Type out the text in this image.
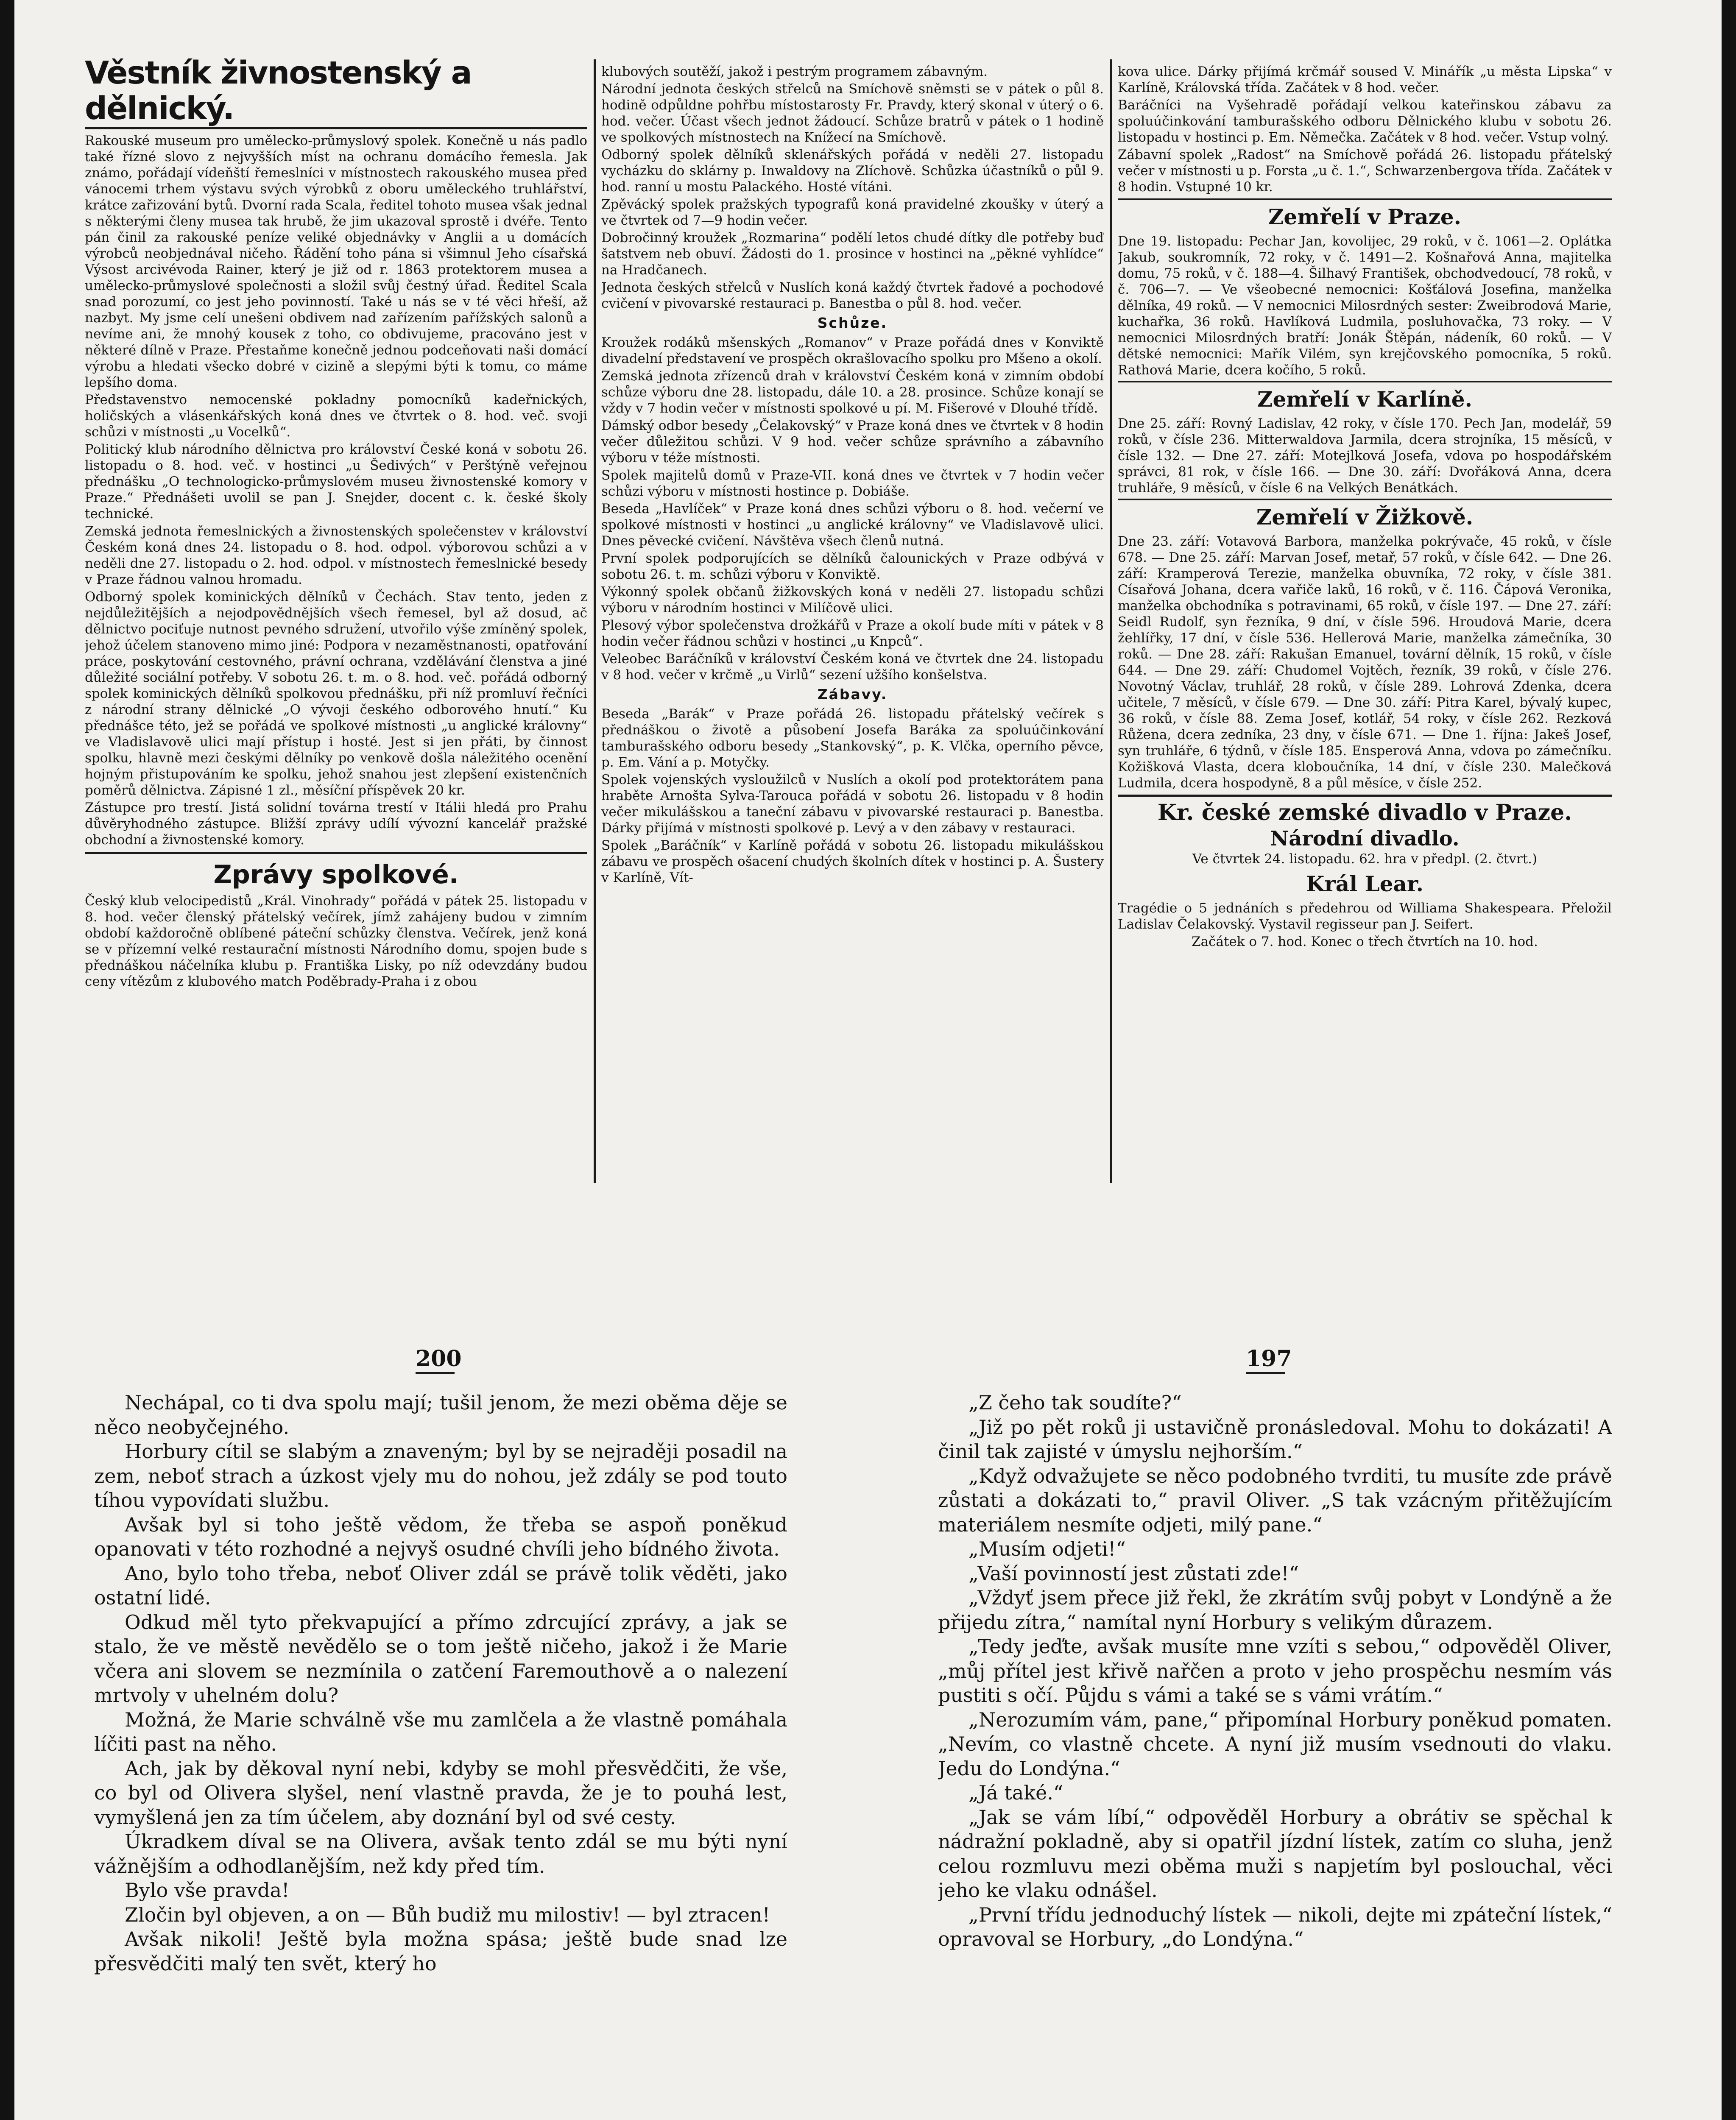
Věstník živnostenský a dělnický.

Rakouské museum pro umělecko-průmyslový spolek. Konečně u nás padlo také řízné slovo z nejvyšších míst na ochranu domácího řemesla. Jak známo, pořádají vídeňští řemeslníci v místnostech rakouského musea před vánocemi trhem výstavu svých výrobků z oboru uměleckého truhlářství, krátce zařizování bytů. Dvorní rada Scala, ředitel tohoto musea však jednal s některými členy musea tak hrubě, že jim ukazoval sprostě i dvéře. Tento pán činil za rakouské peníze veliké objednávky v Anglii a u domácích výrobců neobjednával ničeho. Řádění toho pána si všimnul Jeho císařská Výsost arcivévoda Rainer, který je již od r. 1863 protektorem musea a umělecko-průmyslové společnosti a složil svůj čestný úřad. Ředitel Scala snad porozumí, co jest jeho povinností. Také u nás se v té věci hřeší, až nazbyt. My jsme celí unešeni obdivem nad zařízením pařížských salonů a nevíme ani, že mnohý kousek z toho, co obdivujeme, pracováno jest v některé dílně v Praze. Přestaňme konečně jednou podceňovati naši domácí výrobu a hledati všecko dobré v cizině a slepými býti k tomu, co máme lepšího doma.

Představenstvo nemocenské pokladny pomocníků kadeřnických, holičských a vlásenkářských koná dnes ve čtvrtek o 8. hod. več. svoji schůzi v místnosti „u Vocelků“.

Politický klub národního dělnictva pro království České koná v sobotu 26. listopadu o 8. hod. več. v hostinci „u Šedivých“ v Perštýně veřejnou přednášku „O technologicko-průmyslovém museu živnostenské komory v Praze.“ Přednášeti uvolil se pan J. Snejder, docent c. k. české školy technické.

Zemská jednota řemeslnických a živnostenských společenstev v království Českém koná dnes 24. listopadu o 8. hod. odpol. výborovou schůzi a v neděli dne 27. listopadu o 2. hod. odpol. v místnostech řemeslnické besedy v Praze řádnou valnou hromadu.

Odborný spolek kominických dělníků v Čechách. Stav tento, jeden z nejdůležitějších a nejodpovědnějších všech řemesel, byl až dosud, ač dělnictvo pociťuje nutnost pevného sdružení, utvořilo výše zmíněný spolek, jehož účelem stanoveno mimo jiné: Podpora v nezaměstnanosti, opatřování práce, poskytování cestovného, právní ochrana, vzdělávání členstva a jiné důležité sociální potřeby. V sobotu 26. t. m. o 8. hod. več. pořádá odborný spolek kominických dělníků spolkovou přednášku, při níž promluví řečníci z národní strany dělnické „O vývoji českého odborového hnutí.“ Ku přednášce této, jež se pořádá ve spolkové místnosti „u anglické královny“ ve Vladislavově ulici mají přístup i hosté. Jest si jen přáti, by činnost spolku, hlavně mezi českými dělníky po venkově došla náležitého ocenění hojným přistupováním ke spolku, jehož snahou jest zlepšení existenčních poměrů dělnictva. Zápisné 1 zl., měsíční příspěvek 20 kr.

Zástupce pro trestí. Jistá solidní továrna trestí v Itálii hledá pro Prahu důvěryhodného zástupce. Bližší zprávy udílí vývozní kancelář pražské obchodní a živnostenské komory.

Zprávy spolkové.

Český klub velocipedistů „Král. Vinohrady“ pořádá v pátek 25. listopadu v 8. hod. večer členský přátelský večírek, jímž zahájeny budou v zimním období každoročně oblíbené páteční schůzky členstva. Večírek, jenž koná se v přízemní velké restaurační místnosti Národního domu, spojen bude s přednáškou náčelníka klubu p. Františka Lisky, po níž odevzdány budou ceny vítězům z klubového match Poděbrady-Praha i z obou

klubových soutěží, jakož i pestrým programem zábavným.

Národní jednota českých střelců na Smíchově sněmsti se v pátek o půl 8. hodině odpůldne pohřbu místostarosty Fr. Pravdy, který skonal v úterý o 6. hod. večer. Účast všech jednot žádoucí. Schůze bratrů v pátek o 1 hodině ve spolkových místnostech na Knížecí na Smíchově.

Odborný spolek dělníků sklenářských pořádá v neděli 27. listopadu vycházku do sklárny p. Inwaldovy na Zlíchově. Schůzka účastníků o půl 9. hod. ranní u mostu Palackého. Hosté vítáni.

Zpěvácký spolek pražských typografů koná pravidelné zkoušky v úterý a ve čtvrtek od 7—9 hodin večer.

Dobročinný kroužek „Rozmarina“ podělí letos chudé dítky dle potřeby buď šatstvem neb obuví. Žádosti do 1. prosince v hostinci na „pěkné vyhlídce“ na Hradčanech.

Jednota českých střelců v Nuslích koná každý čtvrtek řadové a pochodové cvičení v pivovarské restauraci p. Banestba o půl 8. hod. večer.

Schůze.

Kroužek rodáků mšenských „Romanov“ v Praze pořádá dnes v Konviktě divadelní představení ve prospěch okrašlovacího spolku pro Mšeno a okolí.

Zemská jednota zřízenců drah v království Českém koná v zimním období schůze výboru dne 28. listopadu, dále 10. a 28. prosince. Schůze konají se vždy v 7 hodin večer v místnosti spolkové u pí. M. Fišerové v Dlouhé třídě.

Dámský odbor besedy „Čelakovský“ v Praze koná dnes ve čtvrtek v 8 hodin večer důležitou schůzi. V 9 hod. večer schůze správního a zábavního výboru v téže místnosti.

Spolek majitelů domů v Praze-VII. koná dnes ve čtvrtek v 7 hodin večer schůzi výboru v místnosti hostince p. Dobiáše.

Beseda „Havlíček“ v Praze koná dnes schůzi výboru o 8. hod. večerní ve spolkové místnosti v hostinci „u anglické královny“ ve Vladislavově ulici. Dnes pěvecké cvičení. Návštěva všech členů nutná.

První spolek podporujících se dělníků čalounických v Praze odbývá v sobotu 26. t. m. schůzi výboru v Konviktě.

Výkonný spolek občanů žižkovských koná v neděli 27. listopadu schůzi výboru v národním hostinci v Milíčově ulici.

Plesový výbor společenstva drožkářů v Praze a okolí bude míti v pátek v 8 hodin večer řádnou schůzi v hostinci „u Knpců“.

Veleobec Baráčníků v království Českém koná ve čtvrtek dne 24. listopadu v 8 hod. večer v krčmě „u Virlů“ sezení užšího konšelstva.

Zábavy.

Beseda „Barák“ v Praze pořádá 26. listopadu přátelský večírek s přednáškou o životě a působení Josefa Baráka za spoluúčinkování tamburašského odboru besedy „Stankovský“, p. K. Vlčka, operního pěvce, p. Em. Vání a p. Motyčky.

Spolek vojenských vysloužilců v Nuslích a okolí pod protektorátem pana hraběte Arnošta Sylva-Tarouca pořádá v sobotu 26. listopadu v 8 hodin večer mikulášskou a taneční zábavu v pivovarské restauraci p. Banestba. Dárky přijímá v místnosti spolkové p. Levý a v den zábavy v restauraci.

Spolek „Baráčník“ v Karlíně pořádá v sobotu 26. listopadu mikulášskou zábavu ve prospěch ošacení chudých školních dítek v hostinci p. A. Šustery v Karlíně, Vít-

kova ulice. Dárky přijímá krčmář soused V. Minářík „u města Lipska“ v Karlíně, Královská třída. Začátek v 8 hod. večer.

Baráčníci na Vyšehradě pořádají velkou kateřinskou zábavu za spoluúčinkování tamburašského odboru Dělnického klubu v sobotu 26. listopadu v hostinci p. Em. Němečka. Začátek v 8 hod. večer. Vstup volný.

Zábavní spolek „Radost“ na Smíchově pořádá 26. listopadu přátelský večer v místnosti u p. Forsta „u č. 1.“, Schwarzenbergova třída. Začátek v 8 hodin. Vstupné 10 kr.

Zemřelí v Praze.

Dne 19. listopadu: Pechar Jan, kovolijec, 29 roků, v č. 1061—2. Oplátka Jakub, soukromník, 72 roky, v č. 1491—2. Košnařová Anna, majitelka domu, 75 roků, v č. 188—4. Šilhavý František, obchodvedoucí, 78 roků, v č. 706—7. — Ve všeobecné nemocnici: Košťálová Josefina, manželka dělníka, 49 roků. — V nemocnici Milosrdných sester: Zweibrodová Marie, kuchařka, 36 roků. Havlíková Ludmila, posluhovačka, 73 roky. — V nemocnici Milosrdných bratří: Jonák Štěpán, nádeník, 60 roků. — V dětské nemocnici: Mařík Vilém, syn krejčovského pomocníka, 5 roků. Rathová Marie, dcera kočího, 5 roků.

Zemřelí v Karlíně.

Dne 25. září: Rovný Ladislav, 42 roky, v čísle 170. Pech Jan, modelář, 59 roků, v čísle 236. Mitterwaldova Jarmila, dcera strojníka, 15 měsíců, v čísle 132. — Dne 27. září: Motejlková Josefa, vdova po hospodářském správci, 81 rok, v čísle 166. — Dne 30. září: Dvořáková Anna, dcera truhláře, 9 měsíců, v čísle 6 na Velkých Benátkách.

Zemřelí v Žižkově.

Dne 23. září: Votavová Barbora, manželka pokrývače, 45 roků, v čísle 678. — Dne 25. září: Marvan Josef, metař, 57 roků, v čísle 642. — Dne 26. září: Kramperová Terezie, manželka obuvníka, 72 roky, v čísle 381. Císařová Johana, dcera vařiče laků, 16 roků, v č. 116. Čápová Veronika, manželka obchodníka s potravinami, 65 roků, v čísle 197. — Dne 27. září: Seidl Rudolf, syn řezníka, 9 dní, v čísle 596. Hroudová Marie, dcera žehlířky, 17 dní, v čísle 536. Hellerová Marie, manželka zámečníka, 30 roků. — Dne 28. září: Rakušan Emanuel, tovární dělník, 15 roků, v čísle 644. — Dne 29. září: Chudomel Vojtěch, řezník, 39 roků, v čísle 276. Novotný Václav, truhlář, 28 roků, v čísle 289. Lohrová Zdenka, dcera učitele, 7 měsíců, v čísle 679. — Dne 30. září: Pitra Karel, bývalý kupec, 36 roků, v čísle 88. Zema Josef, kotlář, 54 roky, v čísle 262. Rezková Růžena, dcera zedníka, 23 dny, v čísle 671. — Dne 1. října: Jakeš Josef, syn truhláře, 6 týdnů, v čísle 185. Ensperová Anna, vdova po zámečníku. Kožišková Vlasta, dcera kloboučníka, 14 dní, v čísle 230. Malečková Ludmila, dcera hospodyně, 8 a půl měsíce, v čísle 252.

Kr. české zemské divadlo v Praze.
Národní divadlo.

Ve čtvrtek 24. listopadu. 62. hra v předpl. (2. čtvrt.)

Král Lear.

Tragédie o 5 jednáních s předehrou od Williama Shakespeara. Přeložil Ladislav Čelakovský. Vystavil regisseur pan J. Seifert.

Začátek o 7. hod. Konec o třech čtvrtích na 10. hod.

200

Nechápal, co ti dva spolu mají; tušil jenom, že mezi oběma děje se něco neobyčejného.

Horbury cítil se slabým a znaveným; byl by se nejraději posadil na zem, neboť strach a úzkost vjely mu do nohou, jež zdály se pod touto tíhou vypovídati službu.

Avšak byl si toho ještě vědom, že třeba se aspoň poněkud opanovati v této rozhodné a nejvyš osudné chvíli jeho bídného života.

Ano, bylo toho třeba, neboť Oliver zdál se právě tolik věděti, jako ostatní lidé.

Odkud měl tyto překvapující a přímo zdrcující zprávy, a jak se stalo, že ve městě nevědělo se o tom ještě ničeho, jakož i že Marie včera ani slovem se nezmínila o zatčení Faremouthově a o nalezení mrtvoly v uhelném dolu?

Možná, že Marie schválně vše mu zamlčela a že vlastně pomáhala líčiti past na něho.

Ach, jak by děkoval nyní nebi, kdyby se mohl přesvědčiti, že vše, co byl od Olivera slyšel, není vlastně pravda, že je to pouhá lest, vymyšlená jen za tím účelem, aby doznání byl od své cesty.

Úkradkem díval se na Olivera, avšak tento zdál se mu býti nyní vážnějším a odhodlanějším, než kdy před tím.

Bylo vše pravda!

Zločin byl objeven, a on — Bůh budiž mu milostiv! — byl ztracen!

Avšak nikoli! Ještě byla možna spása; ještě bude snad lze přesvědčiti malý ten svět, který ho

197

„Z čeho tak soudíte?“

„Již po pět roků ji ustavičně pronásledoval. Mohu to dokázati! A činil tak zajisté v úmyslu nejhorším.“

„Když odvažujete se něco podobného tvrditi, tu musíte zde právě zůstati a dokázati to,“ pravil Oliver. „S tak vzácným přitěžujícím materiálem nesmíte odjeti, milý pane.“

„Musím odjeti!“

„Vaší povinností jest zůstati zde!“

„Vždyť jsem přece již řekl, že zkrátím svůj pobyt v Londýně a že přijedu zítra,“ namítal nyní Horbury s velikým důrazem.

„Tedy jeďte, avšak musíte mne vzíti s sebou,“ odpověděl Oliver, „můj přítel jest křivě nařčen a proto v jeho prospěchu nesmím vás pustiti s očí. Půjdu s vámi a také se s vámi vrátím.“

„Nerozumím vám, pane,“ připomínal Horbury poněkud pomaten. „Nevím, co vlastně chcete. A nyní již musím vsednouti do vlaku. Jedu do Londýna.“

„Já také.“

„Jak se vám líbí,“ odpověděl Horbury a obrátiv se spěchal k nádražní pokladně, aby si opatřil jízdní lístek, zatím co sluha, jenž celou rozmluvu mezi oběma muži s napjetím byl poslouchal, věci jeho ke vlaku odnášel.

„První třídu jednoduchý lístek — nikoli, dejte mi zpáteční lístek,“ opravoval se Horbury, „do Londýna.“
